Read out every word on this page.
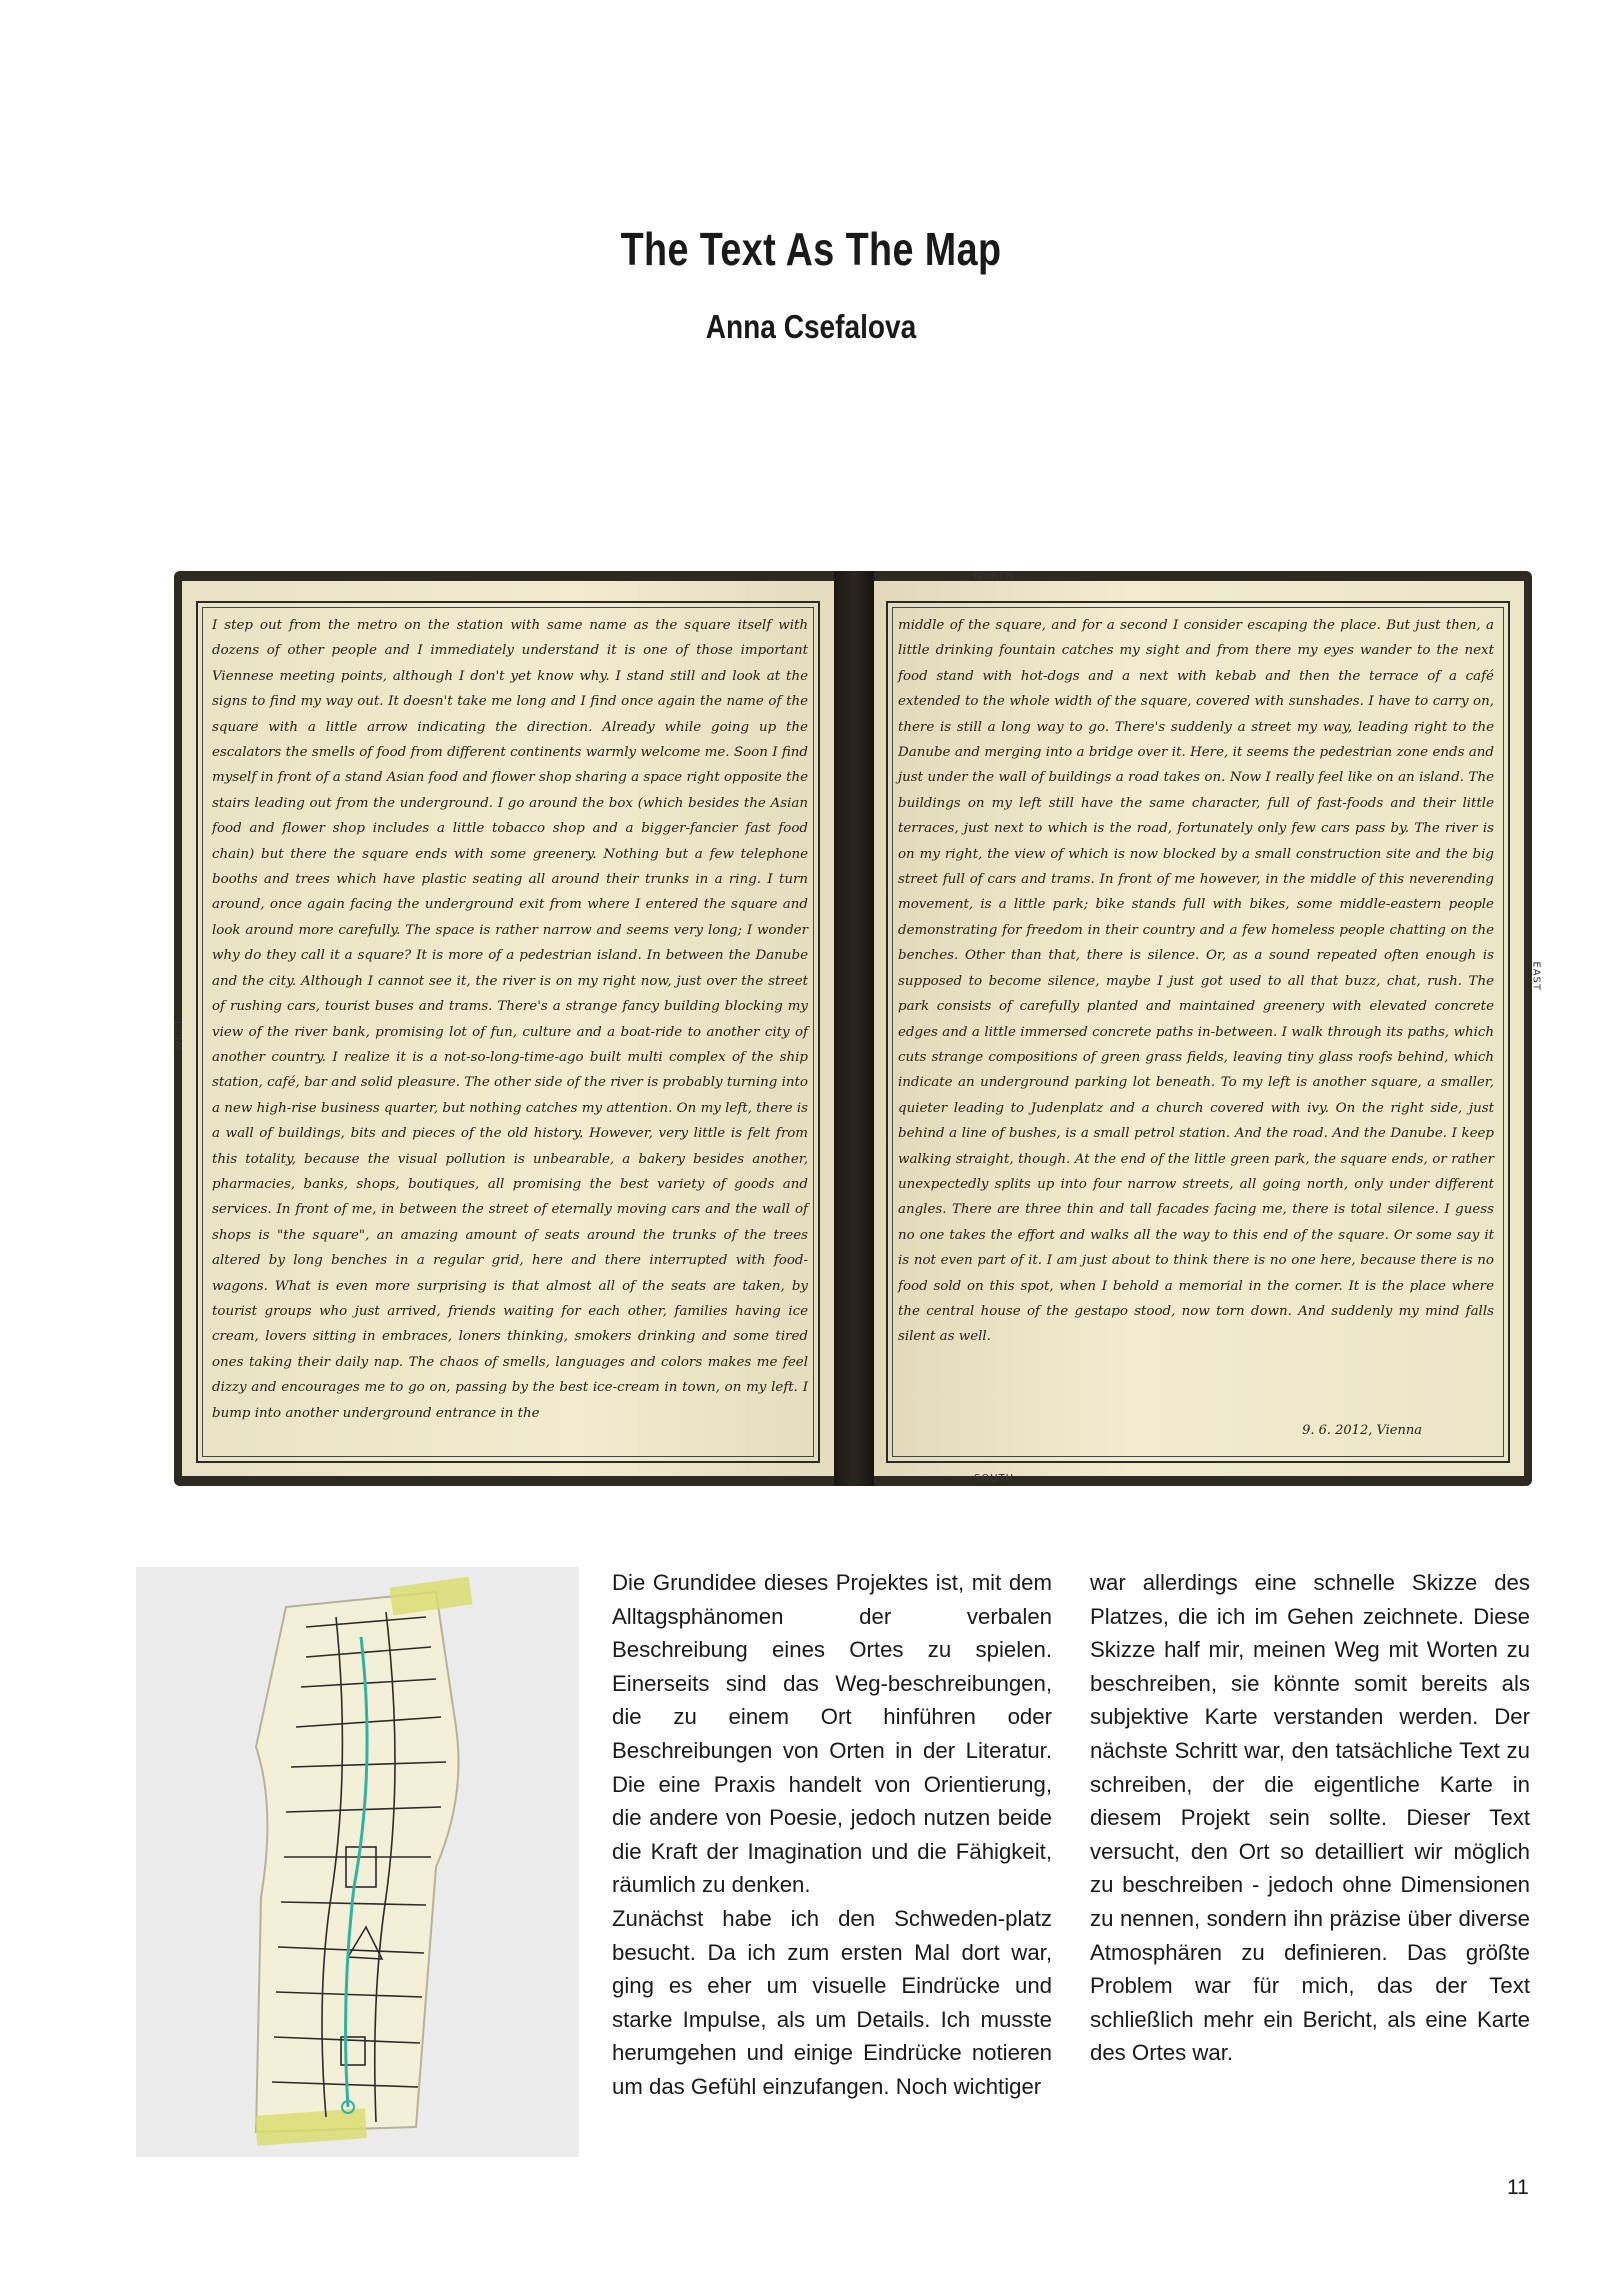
The Text As The Map
Anna Csefalova
I step out from the metro on the station with same name as the square itself with dozens of other people and I immediately understand it is one of those important Viennese meeting points, although I don't yet know why. I stand still and look at the signs to find my way out. It doesn't take me long and I find once again the name of the square with a little arrow indicating the direction. Already while going up the escalators the smells of food from different continents warmly welcome me. Soon I find myself in front of a stand Asian food and flower shop sharing a space right opposite the stairs leading out from the underground. I go around the box (which besides the Asian food and flower shop includes a little tobacco shop and a bigger-fancier fast food chain) but there the square ends with some greenery. Nothing but a few telephone booths and trees which have plastic seating all around their trunks in a ring. I turn around, once again facing the underground exit from where I entered the square and look around more carefully. The space is rather narrow and seems very long; I wonder why do they call it a square? It is more of a pedestrian island. In between the Danube and the city. Although I cannot see it, the river is on my right now, just over the street of rushing cars, tourist buses and trams. There's a strange fancy building blocking my view of the river bank, promising lot of fun, culture and a boat-ride to another city of another country. I realize it is a not-so-long-time-ago built multi complex of the ship station, café, bar and solid pleasure. The other side of the river is probably turning into a new high-rise business quarter, but nothing catches my attention. On my left, there is a wall of buildings, bits and pieces of the old history. However, very little is felt from this totality, because the visual pollution is unbearable, a bakery besides another, pharmacies, banks, shops, boutiques, all promising the best variety of goods and services. In front of me, in between the street of eternally moving cars and the wall of shops is "the square", an amazing amount of seats around the trunks of the trees altered by long benches in a regular grid, here and there interrupted with food-wagons. What is even more surprising is that almost all of the seats are taken, by tourist groups who just arrived, friends waiting for each other, families having ice cream, lovers sitting in embraces, loners thinking, smokers drinking and some tired ones taking their daily nap. The chaos of smells, languages and colors makes me feel dizzy and encourages me to go on, passing by the best ice-cream in town, on my left. I bump into another underground entrance in the
middle of the square, and for a second I consider escaping the place. But just then, a little drinking fountain catches my sight and from there my eyes wander to the next food stand with hot-dogs and a next with kebab and then the terrace of a café extended to the whole width of the square, covered with sunshades. I have to carry on, there is still a long way to go. There's suddenly a street my way, leading right to the Danube and merging into a bridge over it. Here, it seems the pedestrian zone ends and just under the wall of buildings a road takes on. Now I really feel like on an island. The buildings on my left still have the same character, full of fast-foods and their little terraces, just next to which is the road, fortunately only few cars pass by. The river is on my right, the view of which is now blocked by a small construction site and the big street full of cars and trams. In front of me however, in the middle of this neverending movement, is a little park; bike stands full with bikes, some middle-eastern people demonstrating for freedom in their country and a few homeless people chatting on the benches. Other than that, there is silence. Or, as a sound repeated often enough is supposed to become silence, maybe I just got used to all that buzz, chat, rush. The park consists of carefully planted and maintained greenery with elevated concrete edges and a little immersed concrete paths in-between. I walk through its paths, which cuts strange compositions of green grass fields, leaving tiny glass roofs behind, which indicate an underground parking lot beneath. To my left is another square, a smaller, quieter leading to Judenplatz and a church covered with ivy. On the right side, just behind a line of bushes, is a small petrol station. And the road. And the Danube. I keep walking straight, though. At the end of the little green park, the square ends, or rather unexpectedly splits up into four narrow streets, all going north, only under different angles. There are three thin and tall facades facing me, there is total silence. I guess no one takes the effort and walks all the way to this end of the square. Or some say it is not even part of it. I am just about to think there is no one here, because there is no food sold on this spot, when I behold a memorial in the corner. It is the place where the central house of the gestapo stood, now torn down. And suddenly my mind falls silent as well.
NORTH
SOUTH
WEST
EAST
9. 6. 2012, Vienna

Die Grundidee dieses Projektes ist, mit dem Alltagsphänomen der verbalen Beschreibung eines Ortes zu spielen. Einerseits sind das Weg-beschreibungen, die zu einem Ort hinführen oder Beschreibungen von Orten in der Literatur. Die eine Praxis handelt von Orientierung, die andere von Poesie, jedoch nutzen beide die Kraft der Imagination und die Fähigkeit, räumlich zu denken.

Zunächst habe ich den Schweden-platz besucht. Da ich zum ersten Mal dort war, ging es eher um visuelle Eindrücke und starke Impulse, als um Details. Ich musste herumgehen und einige Eindrücke notieren um das Gefühl einzufangen. Noch wichtiger

war allerdings eine schnelle Skizze des Platzes, die ich im Gehen zeichnete. Diese Skizze half mir, meinen Weg mit Worten zu beschreiben, sie könnte somit bereits als subjektive Karte verstanden werden. Der nächste Schritt war, den tatsächliche Text zu schreiben, der die eigentliche Karte in diesem Projekt sein sollte. Dieser Text versucht, den Ort so detailliert wir möglich zu beschreiben - jedoch ohne Dimensionen zu nennen, sondern ihn präzise über diverse Atmosphären zu definieren. Das größte Problem war für mich, das der Text schließlich mehr ein Bericht, als eine Karte des Ortes war.

11
